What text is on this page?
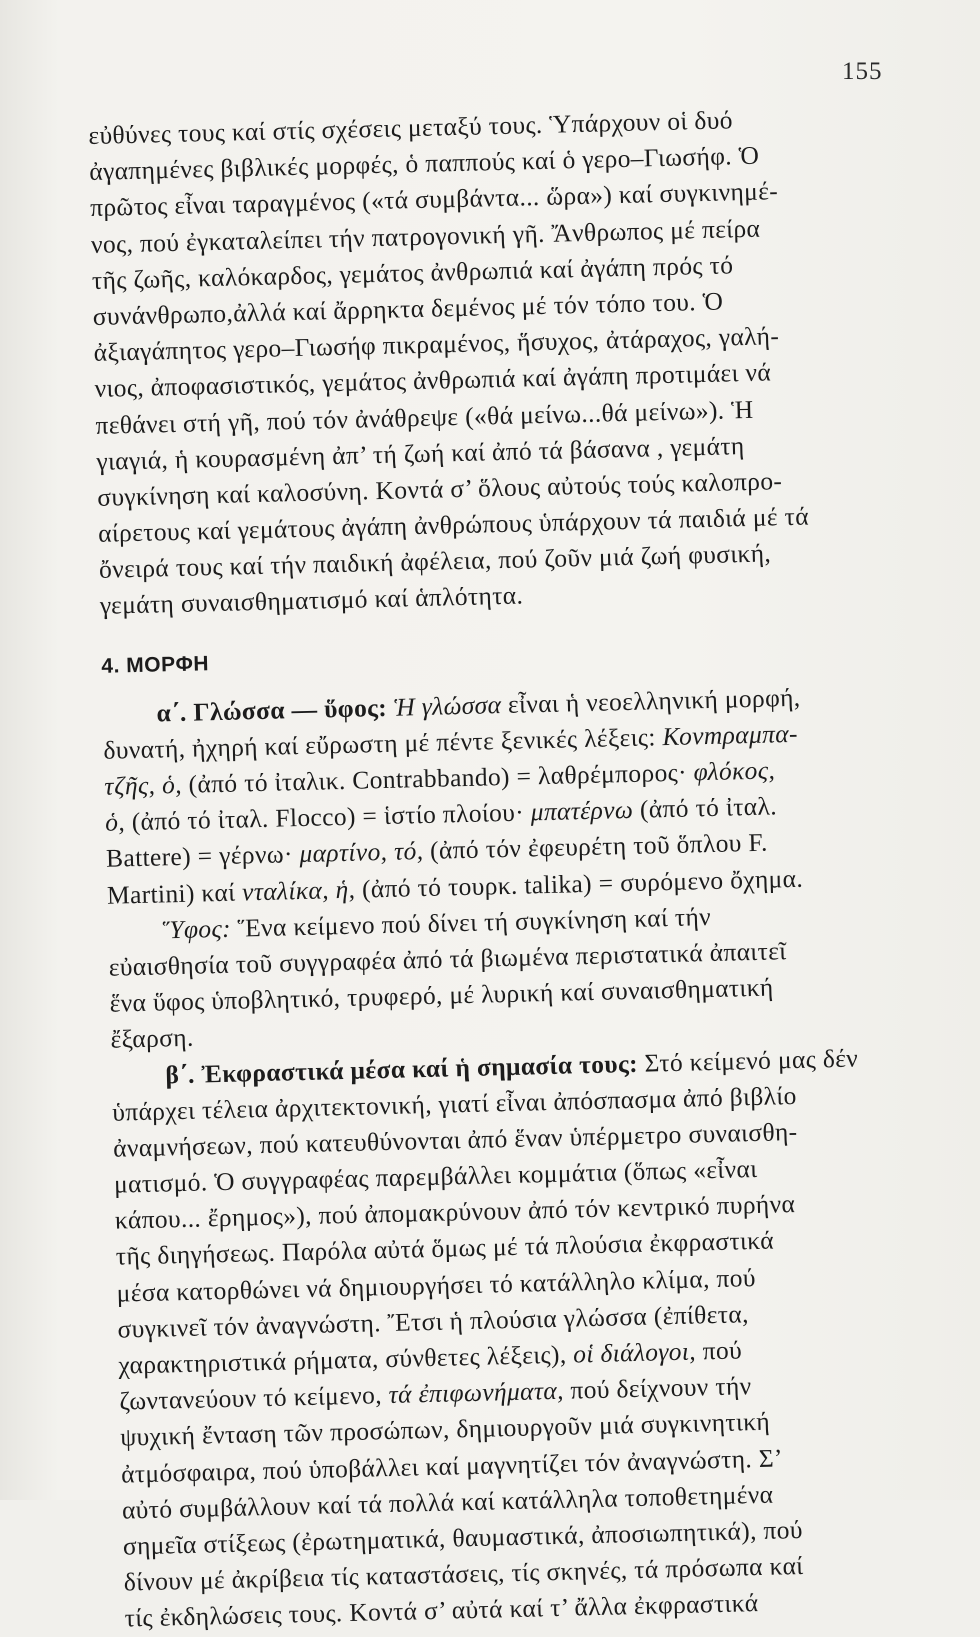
155
εὐθύνες τους καί στίς σχέσεις μεταξύ τους. Ὑπάρχουν οἱ δυό
ἀγαπημένες βιβλικές μορφές, ὁ παππούς καί ὁ γερο–Γιωσήφ. Ὁ
πρῶτος εἶναι ταραγμένος («τά συμβάντα... ὥρα») καί συγκινημέ-
νος, πού ἐγκαταλείπει τήν πατρογονική γῆ. Ἄνθρωπος μέ πείρα
τῆς ζωῆς, καλόκαρδος, γεμάτος ἀνθρωπιά καί ἀγάπη πρός τό
συνάνθρωπο,ἀλλά καί ἄρρηκτα δεμένος μέ τόν τόπο του. Ὁ
ἀξιαγάπητος γερο–Γιωσήφ πικραμένος, ἥσυχος, ἀτάραχος, γαλή-
νιος, ἀποφασιστικός, γεμάτος ἀνθρωπιά καί ἀγάπη προτιμάει νά
πεθάνει στή γῆ, πού τόν ἀνάθρεψε («θά μείνω...θά μείνω»). Ἡ
γιαγιά, ἡ κουρασμένη ἀπ’ τή ζωή καί ἀπό τά βάσανα , γεμάτη
συγκίνηση καί καλοσύνη. Κοντά σ’ ὅλους αὐτούς τούς καλοπρο-
αίρετους καί γεμάτους ἀγάπη ἀνθρώπους ὑπάρχουν τά παιδιά μέ τά
ὄνειρά τους καί τήν παιδική ἀφέλεια, πού ζοῦν μιά ζωή φυσική,
γεμάτη συναισθηματισμό καί ἁπλότητα.
4. ΜΟΡΦΗ
α΄. Γλώσσα — ὕφος: Ἡ γλώσσα εἶναι ἡ νεοελληνική μορφή,
δυνατή, ἠχηρή καί εὔρωστη μέ πέντε ξενικές λέξεις: Κονтραμπα-
τζῆς, ὁ, (ἀπό τό ἰταλικ. Contrabbando) = λαθρέμπορος· φλόκος,
ὁ, (ἀπό τό ἰταλ. Flocco) = ἱστίο πλοίου· μπατέρνω (ἀπό τό ἰταλ.
Battere) = γέρνω· μαρτίνο, τό, (ἀπό τόν ἐφευρέτη τοῦ ὅπλου F.
Martini) καί νταλίκα, ἡ, (ἀπό τό τουρκ. talika) = συρόμενο ὄχημα.
Ὕφος: Ἕνα κείμενο πού δίνει τή συγκίνηση καί τήν
εὐαισθησία τοῦ συγγραφέα ἀπό τά βιωμένα περιστατικά ἀπαιτεῖ
ἕνα ὕφος ὑποβλητικό, τρυφερό, μέ λυρική καί συναισθηματική
ἔξαρση.
β΄. Ἐκφραστικά μέσα καί ἡ σημασία τους: Στό κείμενό μας δέν
ὑπάρχει τέλεια ἀρχιτεκτονική, γιατί εἶναι ἀπόσπασμα ἀπό βιβλίο
ἀναμνήσεων, πού κατευθύνονται ἀπό ἕναν ὑπέρμετρο συναισθη-
ματισμό. Ὁ συγγραφέας παρεμβάλλει κομμάτια (ὅπως «εἶναι
κάπου... ἔρημος»), πού ἀπομακρύνουν ἀπό τόν κεντρικό πυρήνα
τῆς διηγήσεως. Παρόλα αὐτά ὅμως μέ τά πλούσια ἐκφραστικά
μέσα κατορθώνει νά δημιουργήσει τό κατάλληλο κλίμα, πού
συγκινεῖ τόν ἀναγνώστη. Ἔτσι ἡ πλούσια γλώσσα (ἐπίθετα,
χαρακτηριστικά ρήματα, σύνθετες λέξεις), οἱ διάλογοι, πού
ζωντανεύουν τό κείμενο, τά ἐπιφωνήματα, πού δείχνουν τήν
ψυχική ἔνταση τῶν προσώπων, δημιουργοῦν μιά συγκινητική
ἀτμόσφαιρα, πού ὑποβάλλει καί μαγνητίζει τόν ἀναγνώστη. Σ’
αὐτό συμβάλλουν καί τά πολλά καί κατάλληλα τοποθετημένα
σημεῖα στίξεως (ἐρωτηματικά, θαυμαστικά, ἀποσιωπητικά), πού
δίνουν μέ ἀκρίβεια τίς καταστάσεις, τίς σκηνές, τά πρόσωπα καί
τίς ἐκδηλώσεις τους. Κοντά σ’ αὐτά καί τ’ ἄλλα ἐκφραστικά
